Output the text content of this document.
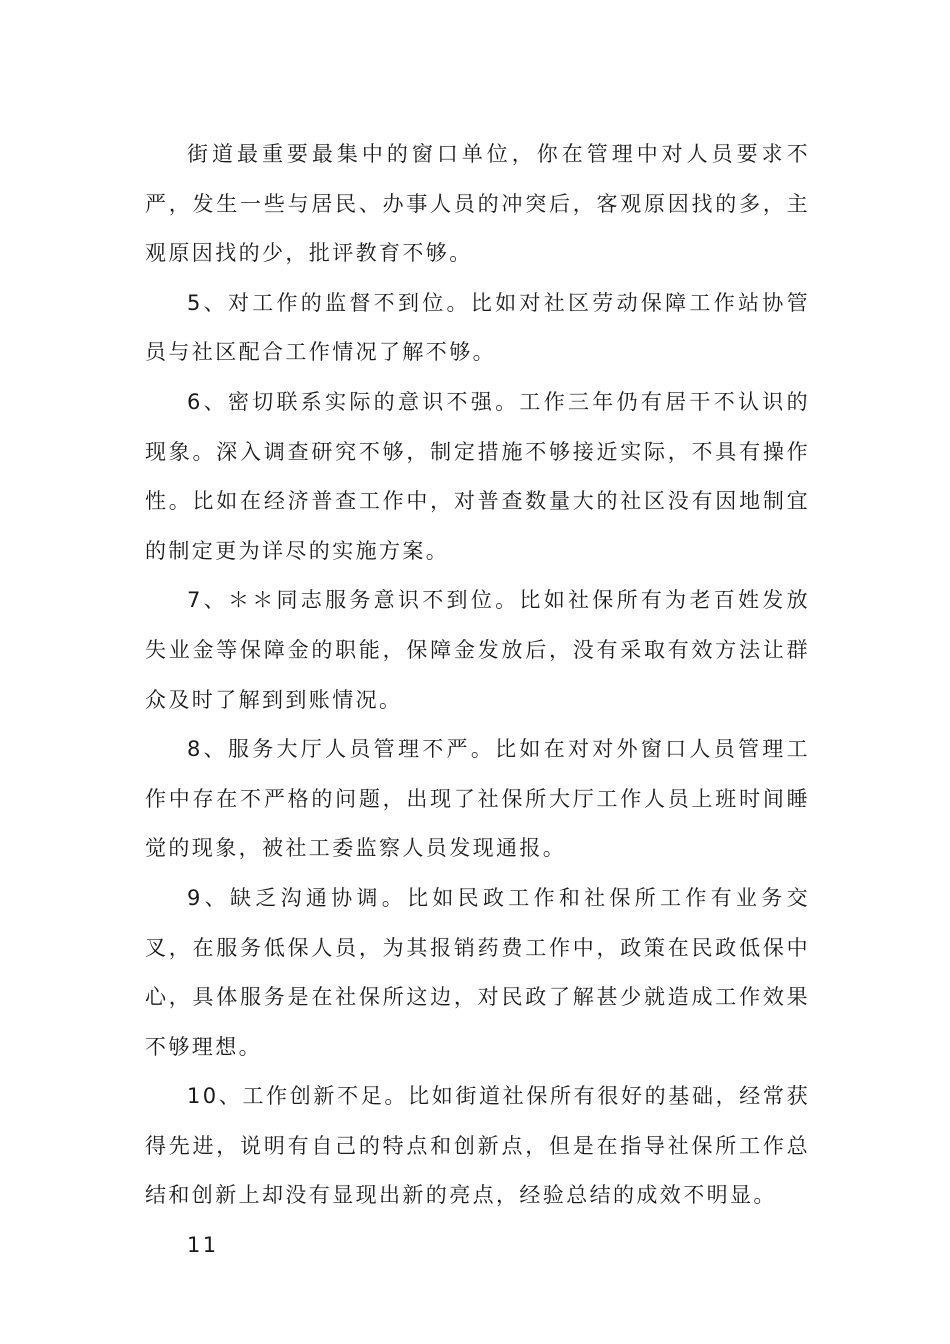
街道最重要最集中的窗口单位，你在管理中对人员要求不严，发生一些与居民、办事人员的冲突后，客观原因找的多，主观原因找的少，批评教育不够。

5、对工作的监督不到位。比如对社区劳动保障工作站协管员与社区配合工作情况了解不够。

6、密切联系实际的意识不强。工作三年仍有居干不认识的现象。深入调查研究不够，制定措施不够接近实际，不具有操作性。比如在经济普查工作中，对普查数量大的社区没有因地制宜的制定更为详尽的实施方案。

7、＊＊同志服务意识不到位。比如社保所有为老百姓发放失业金等保障金的职能，保障金发放后，没有采取有效方法让群众及时了解到到账情况。

8、服务大厅人员管理不严。比如在对对外窗口人员管理工作中存在不严格的问题，出现了社保所大厅工作人员上班时间睡觉的现象，被社工委监察人员发现通报。

9、缺乏沟通协调。比如民政工作和社保所工作有业务交叉，在服务低保人员，为其报销药费工作中，政策在民政低保中心，具体服务是在社保所这边，对民政了解甚少就造成工作效果不够理想。

10、工作创新不足。比如街道社保所有很好的基础，经常获得先进，说明有自己的特点和创新点，但是在指导社保所工作总结和创新上却没有显现出新的亮点，经验总结的成效不明显。

11
